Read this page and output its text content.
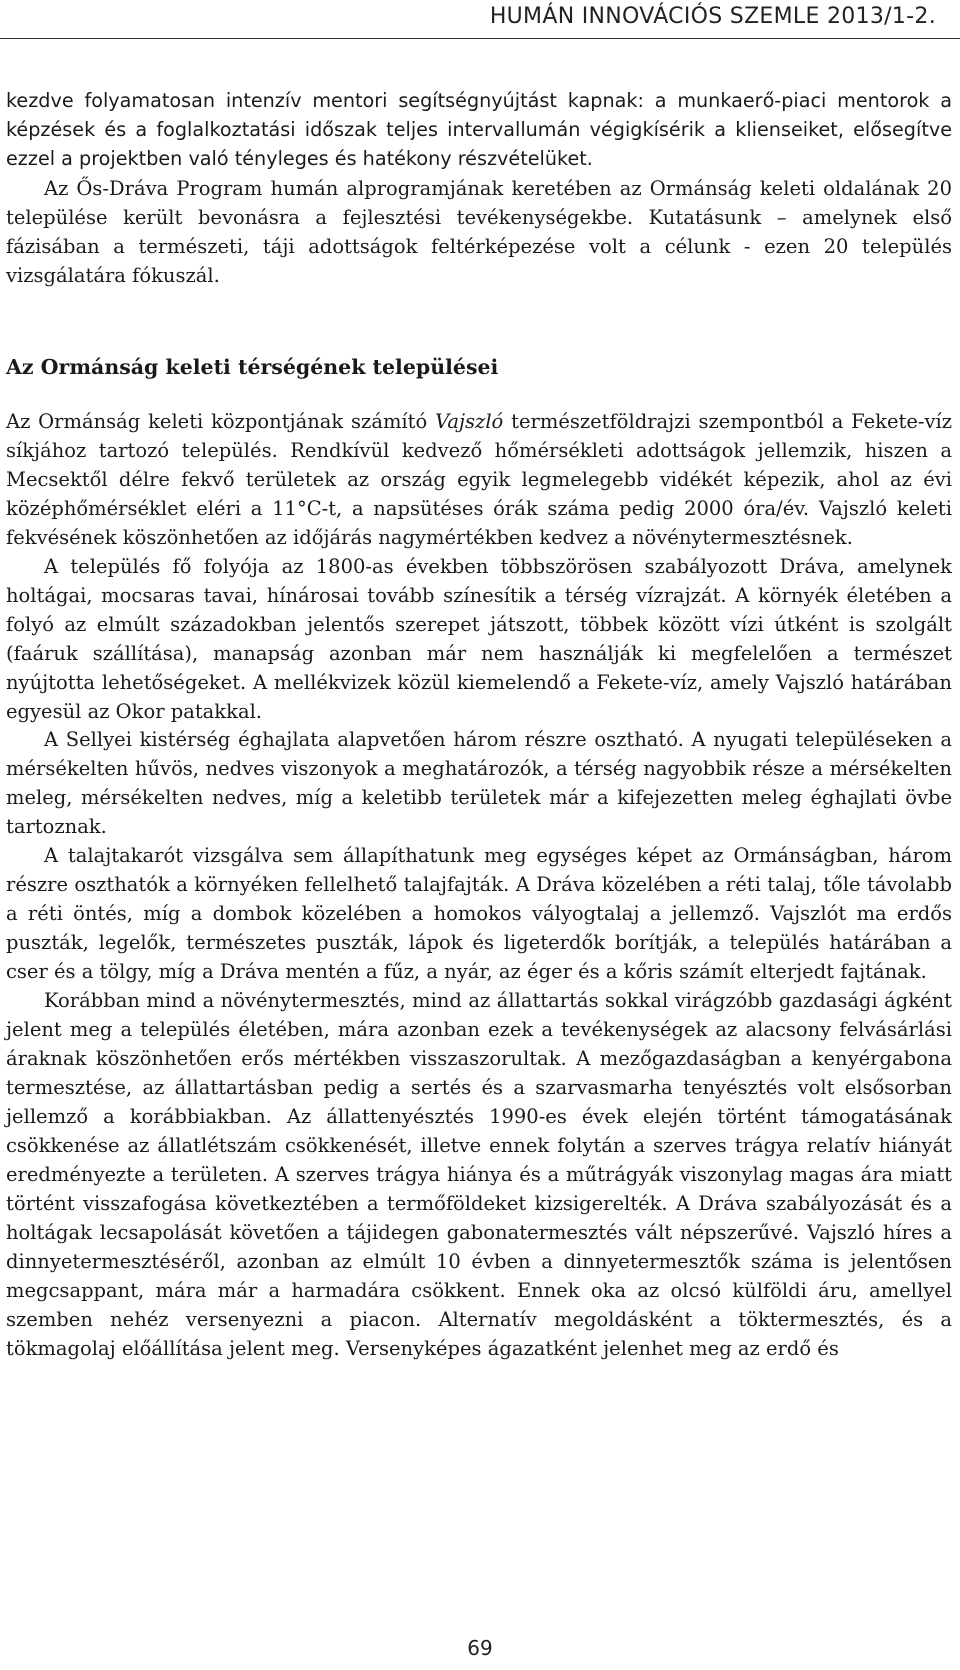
HUMÁN INNOVÁCIÓS SZEMLE 2013/1-2.

kezdve folyamatosan intenzív mentori segítségnyújtást kapnak: a munkaerő-piaci mentorok a képzések és a foglalkoztatási időszak teljes intervallumán végigkísérik a klienseiket, elősegítve ezzel a projektben való tényleges és hatékony részvételüket.

Az Ős-Dráva Program humán alprogramjának keretében az Ormánság keleti oldalának 20 települése került bevonásra a fejlesztési tevékenységekbe. Kutatásunk – amelynek első fázisában a természeti, táji adottságok feltérképezése volt a célunk - ezen 20 település vizsgálatára fókuszál.

Az Ormánság keleti térségének települései

Az Ormánság keleti központjának számító Vajszló természetföldrajzi szempontból a Fekete-víz síkjához tartozó település. Rendkívül kedvező hőmérsékleti adottságok jellemzik, hiszen a Mecsektől délre fekvő területek az ország egyik legmelegebb vidékét képezik, ahol az évi középhőmérséklet eléri a 11°C-t, a napsütéses órák száma pedig 2000 óra/év. Vajszló keleti fekvésének köszönhetően az időjárás nagymértékben kedvez a növénytermesztésnek.

A település fő folyója az 1800-as években többszörösen szabályozott Dráva, amelynek holtágai, mocsaras tavai, hínárosai tovább színesítik a térség vízrajzát. A környék életében a folyó az elmúlt századokban jelentős szerepet játszott, többek között vízi útként is szolgált (faáruk szállítása), manapság azonban már nem használják ki megfelelően a természet nyújtotta lehetőségeket. A mellékvizek közül kiemelendő a Fekete-víz, amely Vajszló határában egyesül az Okor patakkal.

A Sellyei kistérség éghajlata alapvetően három részre osztható. A nyugati településeken a mérsékelten hűvös, nedves viszonyok a meghatározók, a térség nagyobbik része a mérsékelten meleg, mérsékelten nedves, míg a keletibb területek már a kifejezetten meleg éghajlati övbe tartoznak.

A talajtakarót vizsgálva sem állapíthatunk meg egységes képet az Ormánságban, három részre oszthatók a környéken fellelhető talajfajták. A Dráva közelében a réti talaj, tőle távolabb a réti öntés, míg a dombok közelében a homokos vályogtalaj a jellemző. Vajszlót ma erdős puszták, legelők, természetes puszták, lápok és ligeterdők borítják, a település határában a cser és a tölgy, míg a Dráva mentén a fűz, a nyár, az éger és a kőris számít elterjedt fajtának.

Korábban mind a növénytermesztés, mind az állattartás sokkal virágzóbb gazdasági ágként jelent meg a település életében, mára azonban ezek a tevékenységek az alacsony felvásárlási áraknak köszönhetően erős mértékben visszaszorultak. A mezőgazdaságban a kenyérgabona termesztése, az állattartásban pedig a sertés és a szarvasmarha tenyésztés volt elsősorban jellemző a korábbiakban. Az állattenyésztés 1990-es évek elején történt támogatásának csökkenése az állatlétszám csökkenését, illetve ennek folytán a szerves trágya relatív hiányát eredményezte a területen. A szerves trágya hiánya és a műtrágyák viszonylag magas ára miatt történt visszafogása következtében a termőföldeket kizsigerelték. A Dráva szabályozását és a holtágak lecsapolását követően a tájidegen gabonatermesztés vált népszerűvé. Vajszló híres a dinnyetermesztéséről, azonban az elmúlt 10 évben a dinnyetermesztők száma is jelentősen megcsappant, mára már a harmadára csökkent. Ennek oka az olcsó külföldi áru, amellyel szemben nehéz versenyezni a piacon. Alternatív megoldásként a töktermesztés, és a tökmagolaj előállítása jelent meg. Versenyképes ágazatként jelenhet meg az erdő és

69
